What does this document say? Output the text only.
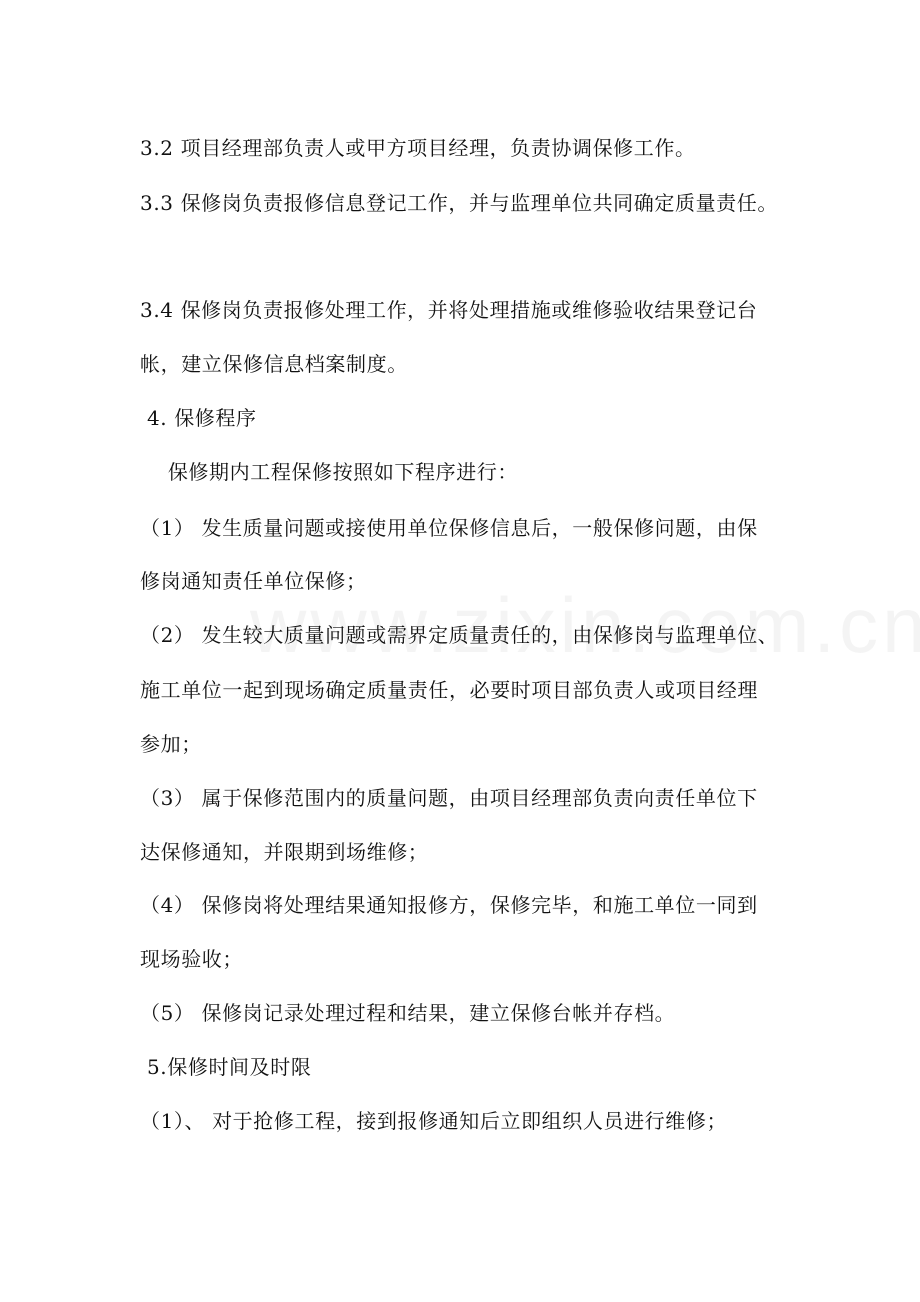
3.2 项目经理部负责人或甲方项目经理，负责协调保修工作。
3.3 保修岗负责报修信息登记工作，并与监理单位共同确定质量责任。
3.4 保修岗负责报修处理工作，并将处理措施或维修验收结果登记台
帐，建立保修信息档案制度。
4. 保修程序
保修期内工程保修按照如下程序进行：
（1） 发生质量问题或接使用单位保修信息后，一般保修问题，由保
修岗通知责任单位保修；
（2） 发生较大质量问题或需界定质量责任的，由保修岗与监理单位、
施工单位一起到现场确定质量责任，必要时项目部负责人或项目经理
参加；
（3） 属于保修范围内的质量问题，由项目经理部负责向责任单位下
达保修通知，并限期到场维修；
（4） 保修岗将处理结果通知报修方，保修完毕，和施工单位一同到
现场验收；
（5） 保修岗记录处理过程和结果，建立保修台帐并存档。
5.保修时间及时限
（1）、 对于抢修工程，接到报修通知后立即组织人员进行维修；
